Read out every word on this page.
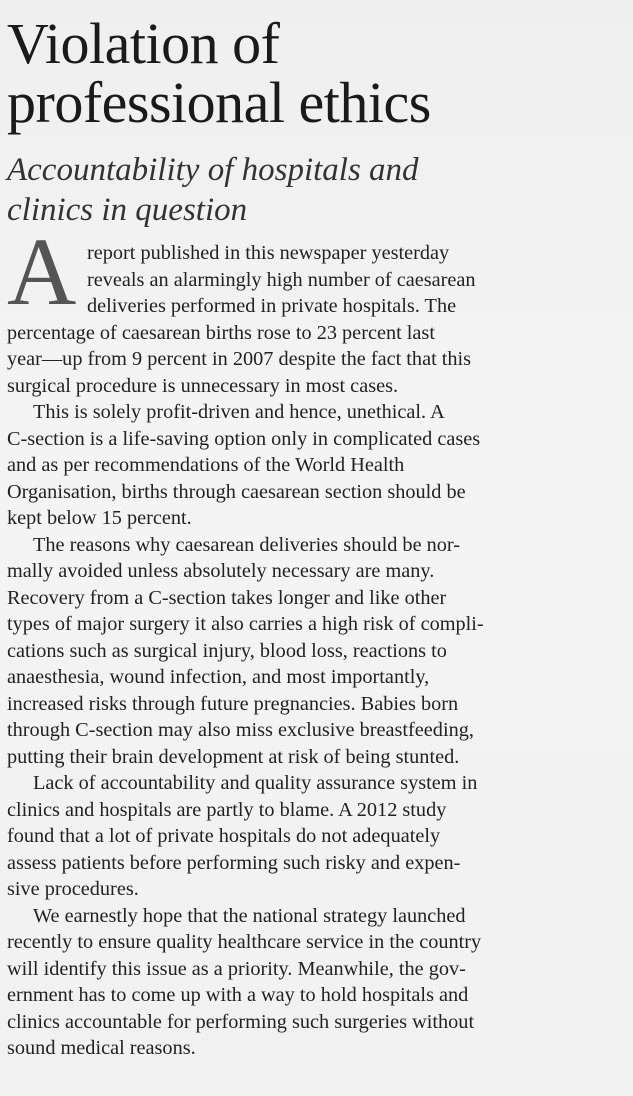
Violation of
professional ethics
Accountability of hospitals and
clinics in question
A report published in this newspaper yesterday
reveals an alarmingly high number of caesarean
deliveries performed in private hospitals. The
percentage of caesarean births rose to 23 percent last
year—up from 9 percent in 2007 despite the fact that this
surgical procedure is unnecessary in most cases.
This is solely profit-driven and hence, unethical. A
C-section is a life-saving option only in complicated cases
and as per recommendations of the World Health
Organisation, births through caesarean section should be
kept below 15 percent.
The reasons why caesarean deliveries should be nor-
mally avoided unless absolutely necessary are many.
Recovery from a C-section takes longer and like other
types of major surgery it also carries a high risk of compli-
cations such as surgical injury, blood loss, reactions to
anaesthesia, wound infection, and most importantly,
increased risks through future pregnancies. Babies born
through C-section may also miss exclusive breastfeeding,
putting their brain development at risk of being stunted.
Lack of accountability and quality assurance system in
clinics and hospitals are partly to blame. A 2012 study
found that a lot of private hospitals do not adequately
assess patients before performing such risky and expen-
sive procedures.
We earnestly hope that the national strategy launched
recently to ensure quality healthcare service in the country
will identify this issue as a priority. Meanwhile, the gov-
ernment has to come up with a way to hold hospitals and
clinics accountable for performing such surgeries without
sound medical reasons.
